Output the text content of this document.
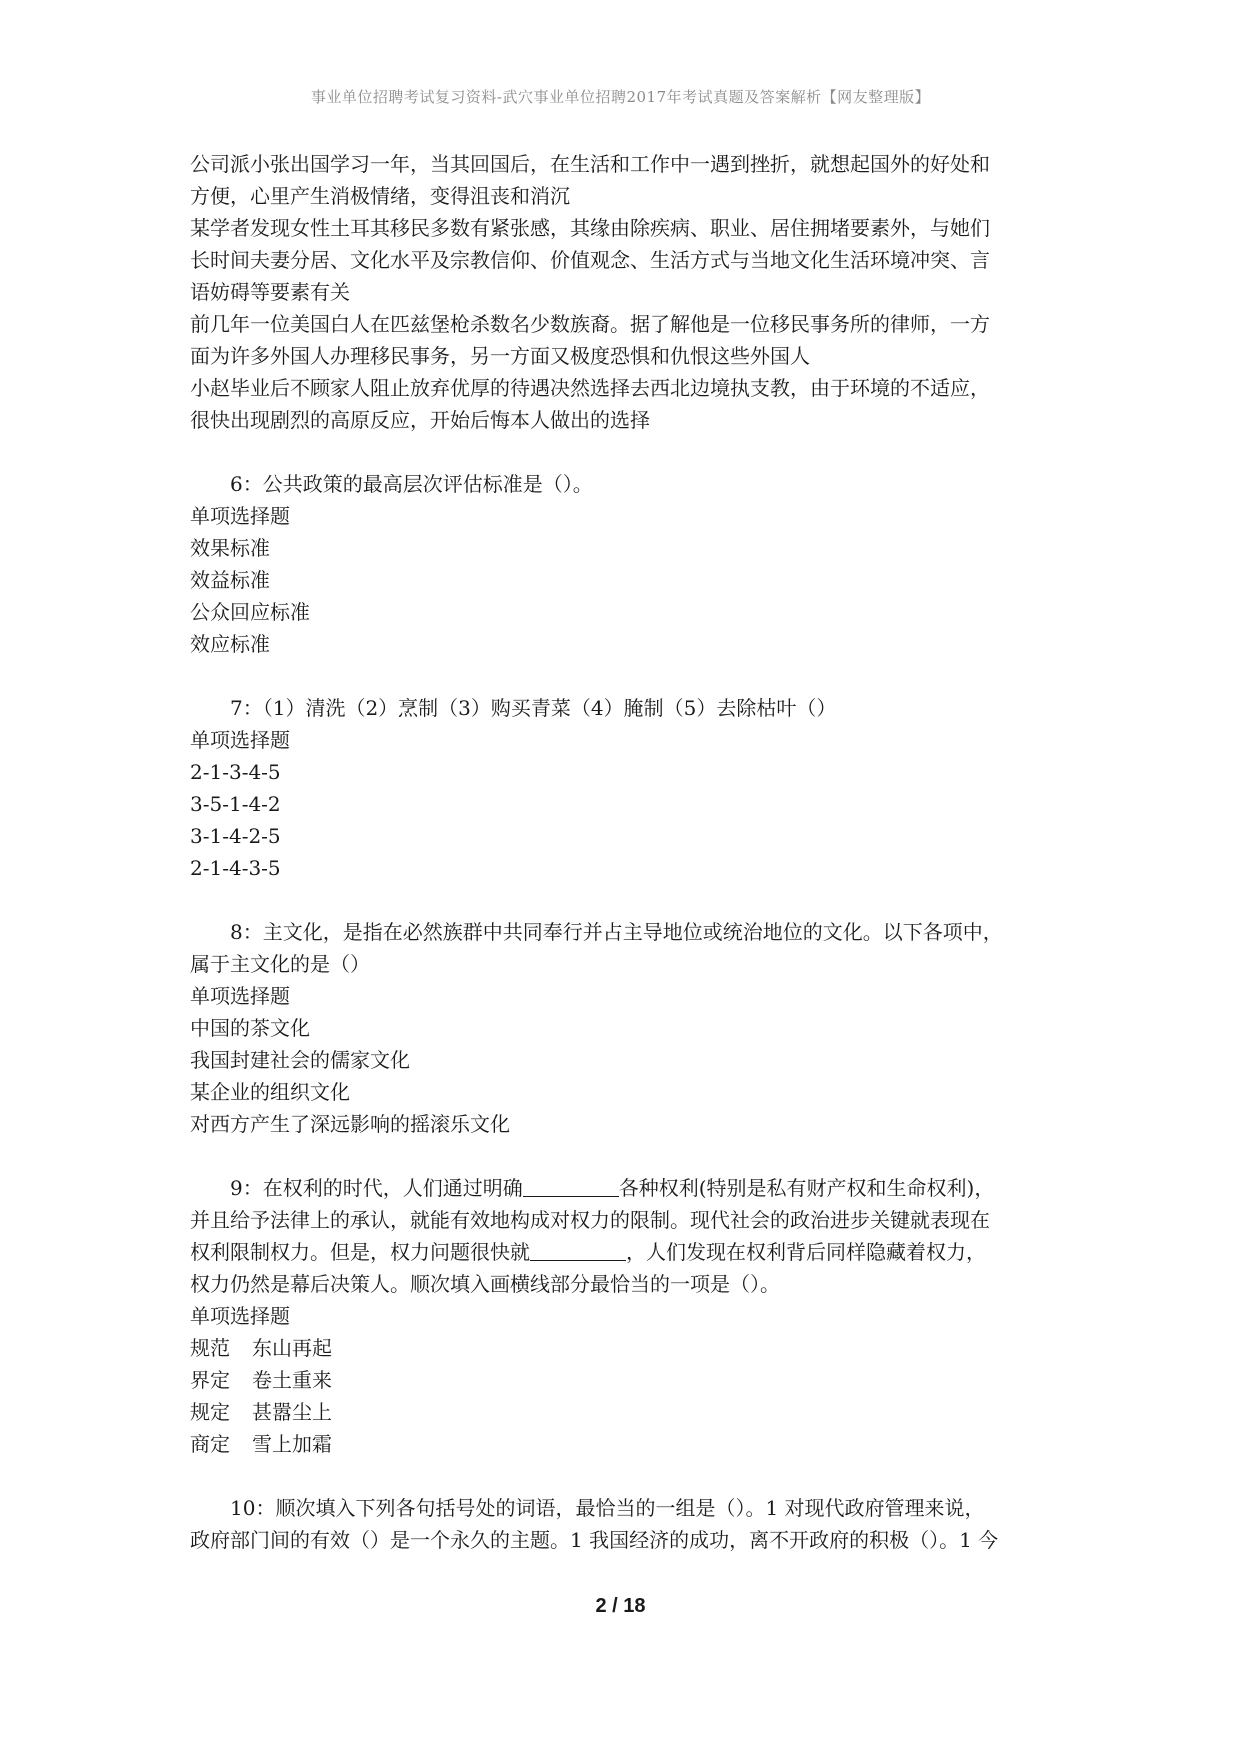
事业单位招聘考试复习资料-武穴事业单位招聘2017年考试真题及答案解析【网友整理版】
公司派小张出国学习一年，当其回国后，在生活和工作中一遇到挫折，就想起国外的好处和
方便，心里产生消极情绪，变得沮丧和消沉
某学者发现女性土耳其移民多数有紧张感，其缘由除疾病、职业、居住拥堵要素外，与她们
长时间夫妻分居、文化水平及宗教信仰、价值观念、生活方式与当地文化生活环境冲突、言
语妨碍等要素有关
前几年一位美国白人在匹兹堡枪杀数名少数族裔。据了解他是一位移民事务所的律师，一方
面为许多外国人办理移民事务，另一方面又极度恐惧和仇恨这些外国人
小赵毕业后不顾家人阻止放弃优厚的待遇决然选择去西北边境执支教，由于环境的不适应，
很快出现剧烈的高原反应，开始后悔本人做出的选择
6：公共政策的最高层次评估标准是（）。
单项选择题
效果标准
效益标准
公众回应标准
效应标准
7：（1）清洗（2）烹制（3）购买青菜（4）腌制（5）去除枯叶（）
单项选择题
2-1-3-4-5
3-5-1-4-2
3-1-4-2-5
2-1-4-3-5
8：主文化，是指在必然族群中共同奉行并占主导地位或统治地位的文化。以下各项中，
属于主文化的是（）
单项选择题
中国的茶文化
我国封建社会的儒家文化
某企业的组织文化
对西方产生了深远影响的摇滚乐文化
9：在权利的时代，人们通过明确	各种权利(特别是私有财产权和生命权利)，
并且给予法律上的承认，就能有效地构成对权力的限制。现代社会的政治进步关键就表现在
权利限制权力。但是，权力问题很快就	，人们发现在权利背后同样隐藏着权力，
权力仍然是幕后决策人。顺次填入画横线部分最恰当的一项是（）。
单项选择题
规范 东山再起
界定 卷土重来
规定 甚嚣尘上
商定 雪上加霜
10：顺次填入下列各句括号处的词语，最恰当的一组是（）。1 对现代政府管理来说，
政府部门间的有效（）是一个永久的主题。1 我国经济的成功，离不开政府的积极（）。1 今
2 / 18
